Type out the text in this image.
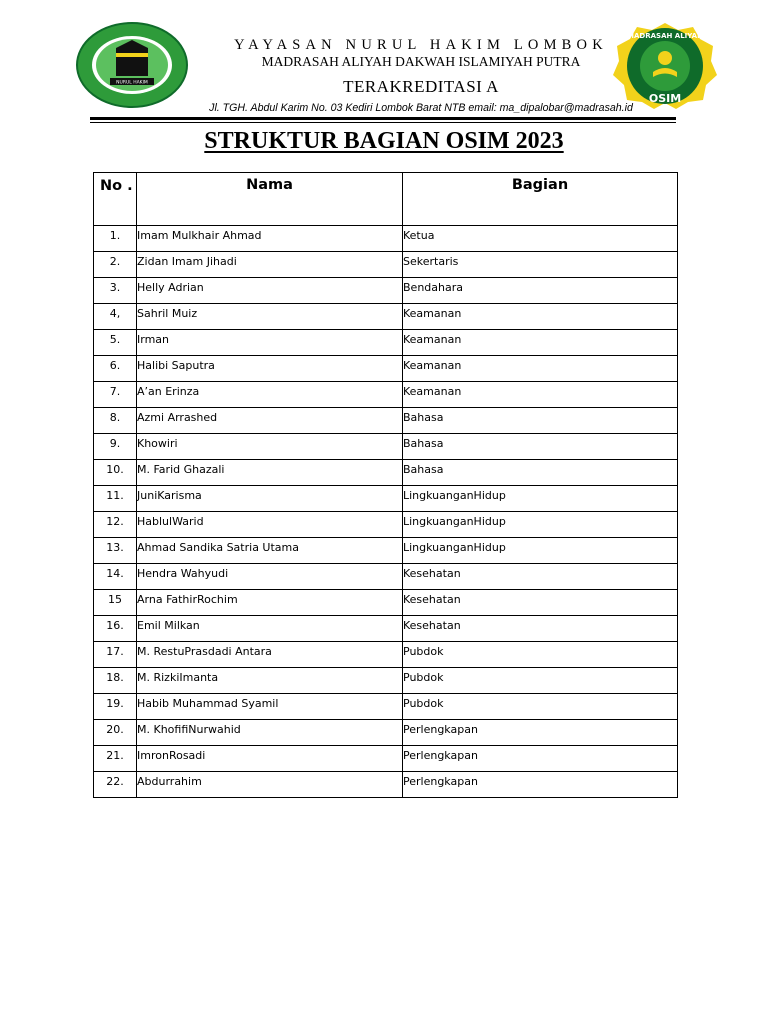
NURUL HAKIM
MADRASAH ALIYAH
OSIM
YAYASAN NURUL HAKIM LOMBOK
MADRASAH ALIYAH DAKWAH ISLAMIYAH PUTRA
TERAKREDITASI A
Jl. TGH. Abdul Karim No. 03 Kediri Lombok Barat NTB email: ma_dipalobar@madrasah.id
STRUKTUR BAGIAN OSIM 2023
No .	Nama	Bagian
1.	Imam Mulkhair Ahmad	Ketua
2.	Zidan Imam Jihadi	Sekertaris
3.	Helly Adrian	Bendahara
4,	Sahril Muiz	Keamanan
5.	Irman	Keamanan
6.	Halibi Saputra	Keamanan
7.	A’an Erinza	Keamanan
8.	Azmi Arrashed	Bahasa
9.	Khowiri	Bahasa
10.	M. Farid Ghazali	Bahasa
11.	JuniKarisma	LingkuanganHidup
12.	HablulWarid	LingkuanganHidup
13.	Ahmad Sandika Satria Utama	LingkuanganHidup
14.	Hendra Wahyudi	Kesehatan
15	Arna FathirRochim	Kesehatan
16.	Emil Milkan	Kesehatan
17.	M. RestuPrasdadi Antara	Pubdok
18.	M. RizkiImanta	Pubdok
19.	Habib Muhammad Syamil	Pubdok
20.	M. KhofifiNurwahid	Perlengkapan
21.	ImronRosadi	Perlengkapan
22.	Abdurrahim	Perlengkapan
